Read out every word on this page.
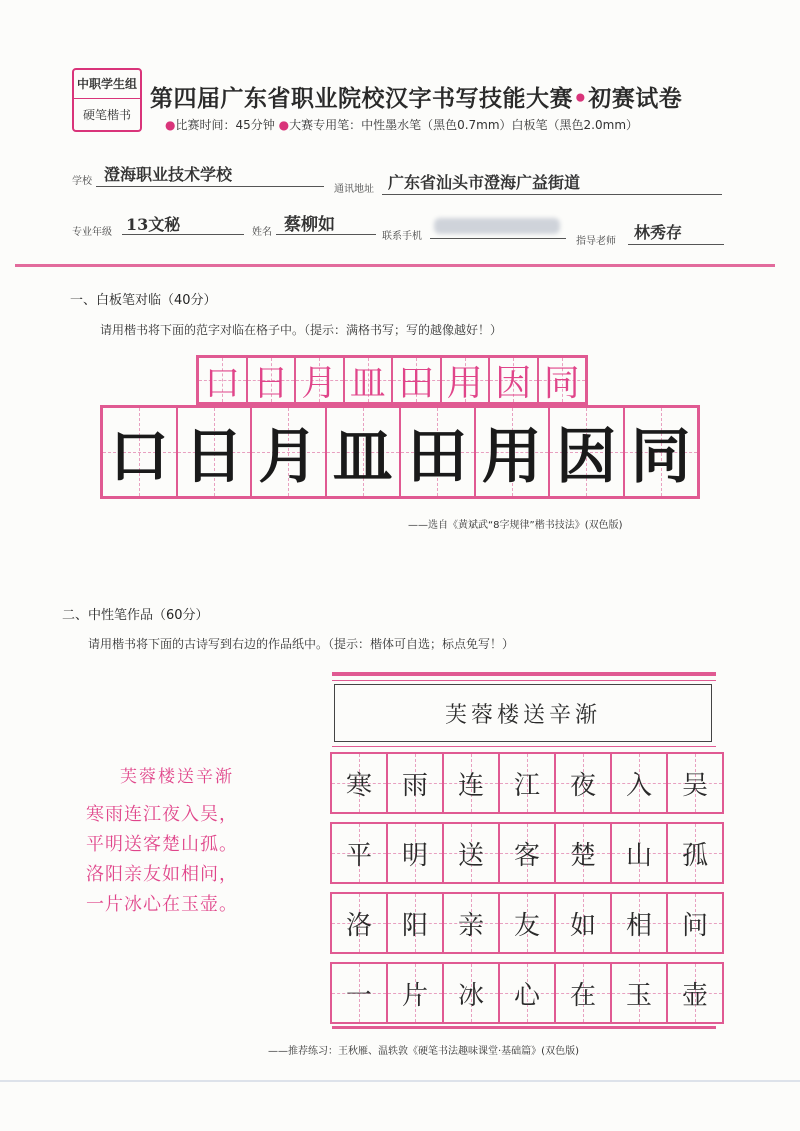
中职学生组
硬笔楷书
第四届广东省职业院校汉字书写技能大赛•初赛试卷
●比赛时间：45分钟 ●大赛专用笔：中性墨水笔（黑色0.7mm）白板笔（黑色2.0mm）
学校 澄海职业技术学校
通讯地址 广东省汕头市澄海广益街道
专业年级 13文秘	姓名 蔡柳如
联系手机	指导老师 林秀存
一、白板笔对临（40分）
请用楷书将下面的范字对临在格子中。（提示：满格书写；写的越像越好！）
口 日 月 皿 田 用 因 同
口 日 月 皿 田 用 因 同
——选自《黄斌武“8字规律”楷书技法》(双色版)
二、中性笔作品（60分）
请用楷书将下面的古诗写到右边的作品纸中。（提示：楷体可自选；标点免写！）
芙蓉楼送辛渐
寒雨连江夜入吴，
平明送客楚山孤。
洛阳亲友如相问，
一片冰心在玉壶。
芙蓉楼送辛渐
寒	雨	连	江	夜	入	吴
平	明	送	客	楚	山	孤
洛	阳	亲	友	如	相	问
一	片	冰	心	在	玉	壶
——推荐练习：王秋雁、温轶敦《硬笔书法趣味课堂·基础篇》(双色版)
